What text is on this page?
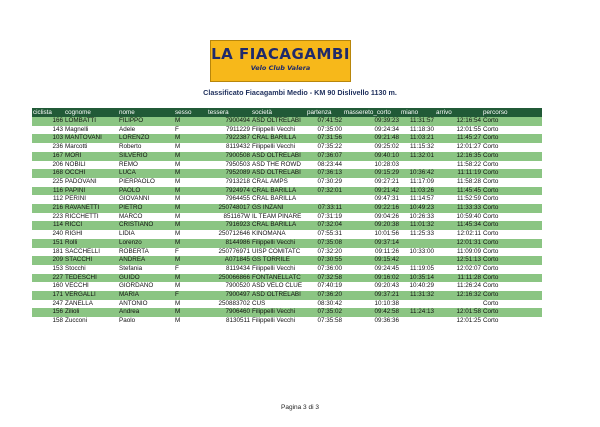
LA FIACAGAMBI
Velo Club Valera
Classificato Fiacagambi Medio - KM 90 Dislivello 1130 m.
ciclista	cognome	nome	sesso	tessera	società	partenza	massereto_corto	miano	arrivo	percorso
166	LOMBATTI	FILIPPO	M	7900494	ASD OLTRELABI	07:41:52	09:39:23	11:31:57	12:16:54	Corto
143	Magnelli	Adele	F	7911229	Filippelli Vecchi	07:35:00	09:24:34	11:18:30	12:01:55	Corto
103	MANTOVANI	LORENZO	M	7922387	CRAL BARILLA	07:31:56	09:21:48	11:03:21	11:45:27	Corto
236	Marcotti	Roberto	M	8119432	Filippelli Vecchi	07:35:22	09:25:02	11:15:32	12:01:27	Corto
167	MORI	SILVERIO	M	7900508	ASD OLTRELABI	07:36:07	09:40:10	11:32:01	12:16:35	Corto
206	NOBILI	REMO	M	7950503	ASD THE ROWD	08:23:44	10:28:03		11:58:22	Corto
168	OCCHI	LUCA	M	7952089	ASD OLTRELABI	07:36:13	09:15:29	10:36:42	11:11:19	Corto
225	PADOVANI	PIERPAOLO	M	7913218	CRAL AMPS	07:30:29	09:27:21	11:17:09	11:58:28	Corto
116	PAPINI	PAOLO	M	7924974	CRAL BARILLA	07:32:01	09:21:42	11:03:26	11:45:45	Corto
112	PERINI	GIOVANNI	M	7964455	CRAL BARILLA		09:47:31	11:14:57	11:52:59	Corto
216	RAVANETTI	PIETRO	M	250748017	GS INZANI	07:33:11	09:22:16	10:49:23	11:33:33	Corto
223	RICCHETTI	MARCO	M	851167W	IL TEAM PINARE	07:31:19	09:04:26	10:26:33	10:59:40	Corto
114	RICCI	CRISTIANO	M	7916923	CRAL BARILLA	07:32:04	09:20:38	11:01:32	11:45:34	Corto
240	RIGHI	LIDIA	M	250712646	KINOMANA	07:55:31	10:01:56	11:25:33	12:02:11	Corto
151	Rolli	Lorenzo	M	8144986	Filippelli Vecchi	07:35:08	09:37:14		12:01:31	Corto
181	SACCHELLI	ROBERTA	F	250776971	UISP COMITATC	07:32:20	09:11:26	10:33:00	11:09:09	Corto
209	STACCHI	ANDREA	M	A071845	GS TORRILE	07:30:55	09:15:42		12:51:13	Corto
153	Stocchi	Stefania	F	8119434	Filippelli Vecchi	07:36:00	09:24:45	11:19:05	12:02:07	Corto
227	TEDESCHI	GUIDO	M	250066866	FONTANELLATC	07:32:58	09:16:02	10:35:14	11:11:28	Corto
160	VECCHI	GIORDANO	M	7900520	ASD VELO CLUE	07:40:19	09:20:43	10:40:29	11:26:24	Corto
171	VERGALLI	MARIA	F	7900497	ASD OLTRELABI	07:36:20	09:37:21	11:31:32	12:16:32	Corto
247	ZANELLA	ANTONIO	M	250883702	CUS	08:30:42	10:10:38			Corto
156	Zilioli	Andrea	M	7906460	Filippelli Vecchi	07:35:02	09:42:58	11:24:13	12:01:58	Corto
158	Zucconi	Paolo	M	8130511	Filippelli Vecchi	07:35:58	09:36:36		12:01:25	Corto
Pagina 3 di 3
